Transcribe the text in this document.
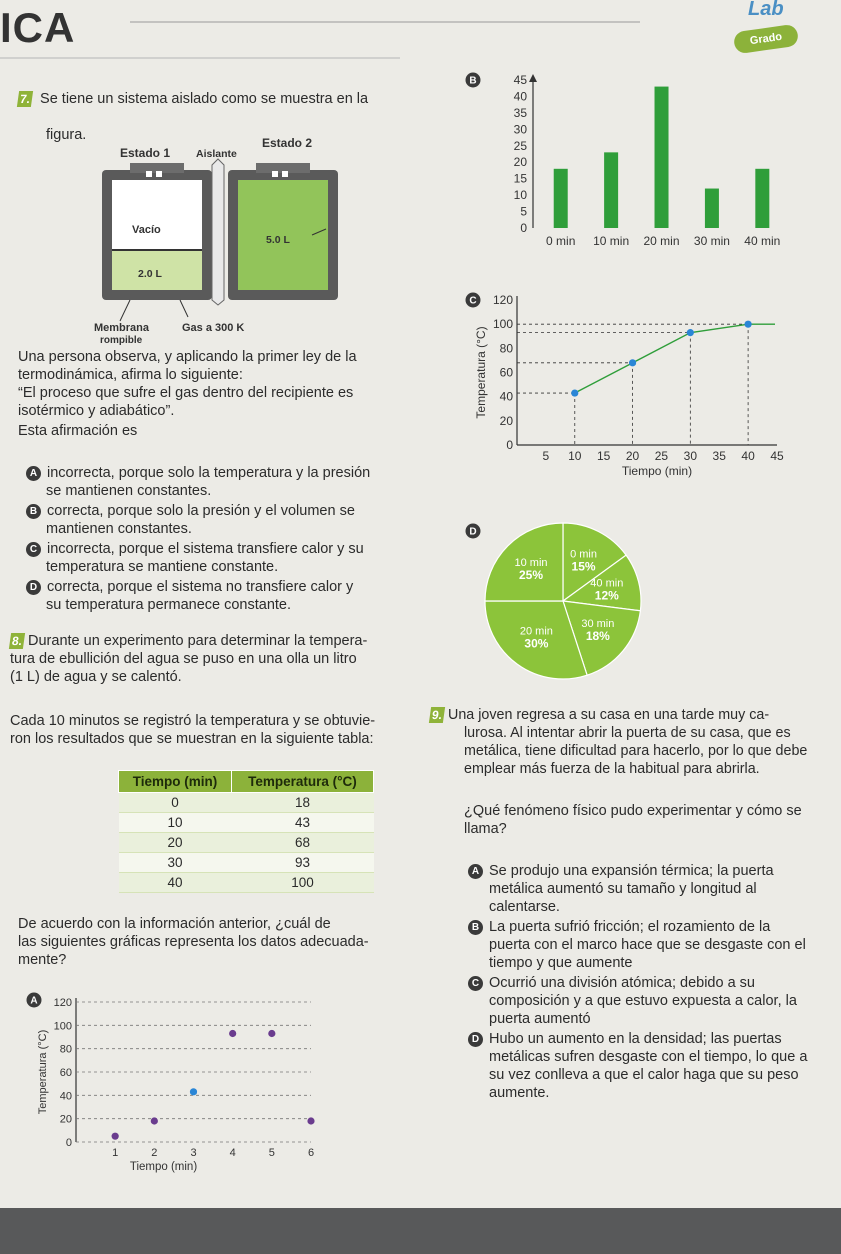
ICA	Lab
Grado
7. Se tiene un sistema aislado como se muestra en la
figura.
Estado 1 Aislante
Estado 2
Vacío
2.0 L
5.0 L
Membrana
rompible
Gas a 300 K
Una persona observa, y aplicando la primer ley de la
termodinámica, afirma lo siguiente:
“El proceso que sufre el gas dentro del recipiente es
isotérmico y adiabático”.
Esta afirmación es
A incorrecta, porque solo la temperatura y la presión
se mantienen constantes.
B correcta, porque solo la presión y el volumen se
mantienen constantes.
C incorrecta, porque el sistema transfiere calor y su
temperatura se mantiene constante.
D correcta, porque el sistema no transfiere calor y
su temperatura permanece constante.
8. Durante un experimento para determinar la tempera-
tura de ebullición del agua se puso en una olla un litro
(1 L) de agua y se calentó.
Cada 10 minutos se registró la temperatura y se obtuvie-
ron los resultados que se muestran en la siguiente tabla:
Tiempo (min)	Temperatura (°C)
0	18
10	43
20	68
30	93
40	100
De acuerdo con la información anterior, ¿cuál de
las siguientes gráficas representa los datos adecuada-
mente?
A
0
20
40
60
80
100
120
1	2	3	4	5	6
Tiempo (min)
Temperatura (°C)
B
0
5
10
15
20
25
30
35
40
45
0 min 10 min 20 min 30 min 40 min
C
0
20
40
60
80
100
120
5 10 15 20 25 30 35 40 45
Tiempo (min)
Temperatura (°C)
D
0 min
15%
40 min
12%
30 min
18%
20 min
30%
10 min
25%
9. Una joven regresa a su casa en una tarde muy ca-
lurosa. Al intentar abrir la puerta de su casa, que es
metálica, tiene dificultad para hacerlo, por lo que debe
emplear más fuerza de la habitual para abrirla.
¿Qué fenómeno físico pudo experimentar y cómo se
llama?
A Se produjo una expansión térmica; la puerta
metálica aumentó su tamaño y longitud al
calentarse.
B La puerta sufrió fricción; el rozamiento de la
puerta con el marco hace que se desgaste con el
tiempo y que aumente
C Ocurrió una división atómica; debido a su
composición y a que estuvo expuesta a calor, la
puerta aumentó
D Hubo un aumento en la densidad; las puertas
metálicas sufren desgaste con el tiempo, lo que a
su vez conlleva a que el calor haga que su peso
aumente.
